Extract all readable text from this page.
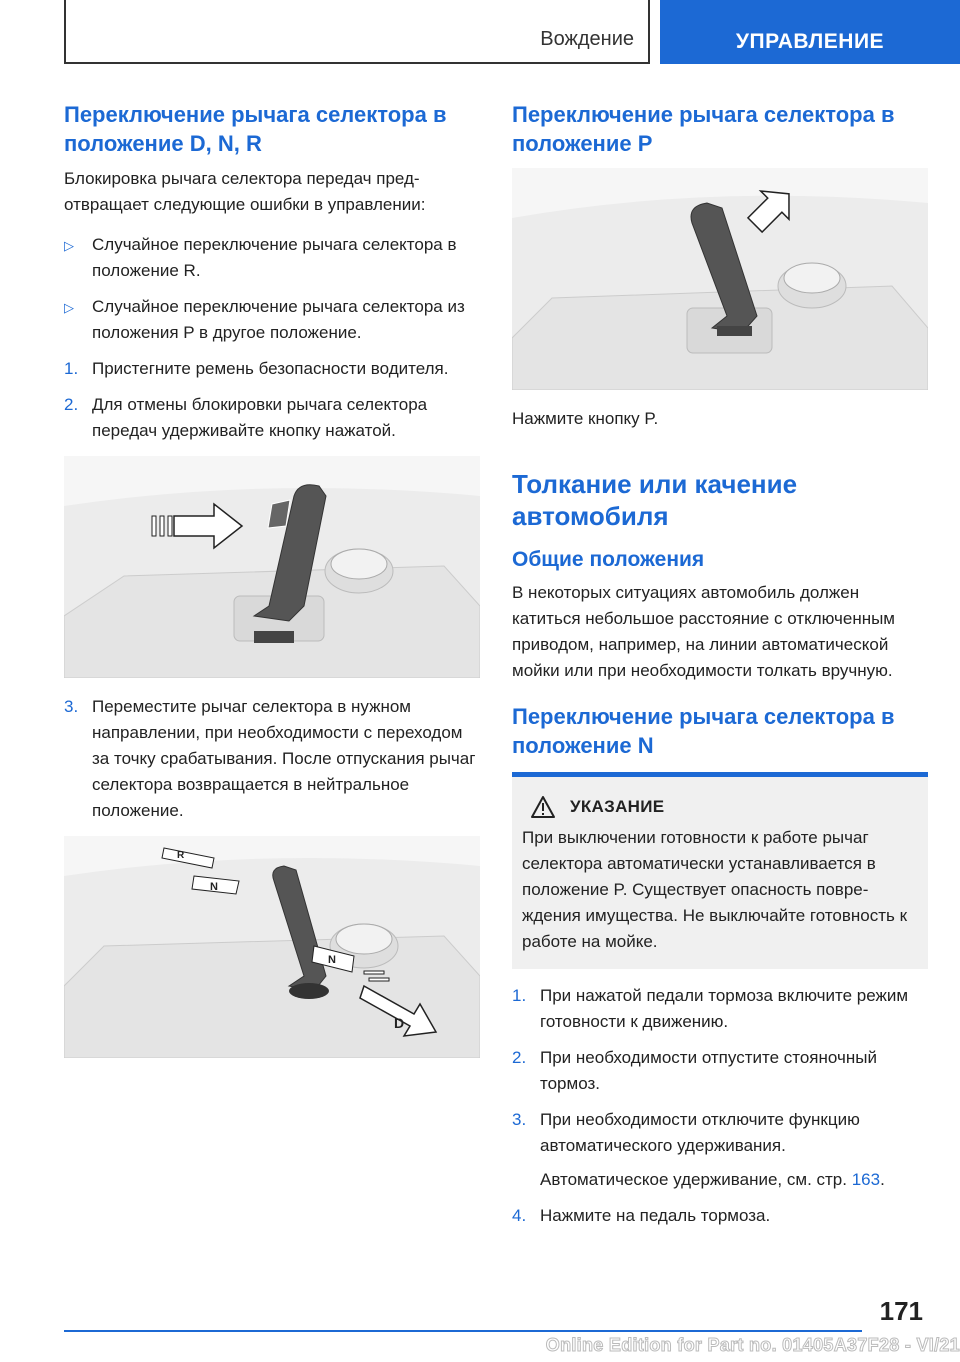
Вождение	УПРАВЛЕНИЕ
Переключение рычага селектора в положение D, N, R
Блокировка рычага селектора передач предотвращает следующие ошибки в управлении:
▷	Случайное переключение рычага селектора в положение R.
▷	Случайное переключение рычага селектора из положения P в другое положение.
1. Пристегните ремень безопасности водителя.
2. Для отмены блокировки рычага селектора передач удерживайте кнопку нажатой.
3. Переместите рычаг селектора в нужном направлении, при необходимости с переходом за точку срабатывания. После отпускания рычаг селектора возвращается в нейтральное положение.
R
N
N
D
Переключение рычага селектора в положение P
Нажмите кнопку P.
Толкание или качение автомобиля
Общие положения
В некоторых ситуациях автомобиль должен катиться небольшое расстояние с отключенным приводом, например, на линии автоматической мойки или при необходимости толкать вручную.
Переключение рычага селектора в положение N
УКАЗАНИЕ
При выключении готовности к работе рычаг селектора автоматически устанавливается в положение P. Существует опасность повреждения имущества. Не выключайте готовность к работе на мойке.
1. При нажатой педали тормоза включите режим готовности к движению.
2. При необходимости отпустите стояночный тормоз.
3. При необходимости отключите функцию автоматического удерживания.
Автоматическое удерживание, см. стр. 163.
4. Нажмите на педаль тормоза.
171
Online Edition for Part no. 01405A37F28 - VI/21
